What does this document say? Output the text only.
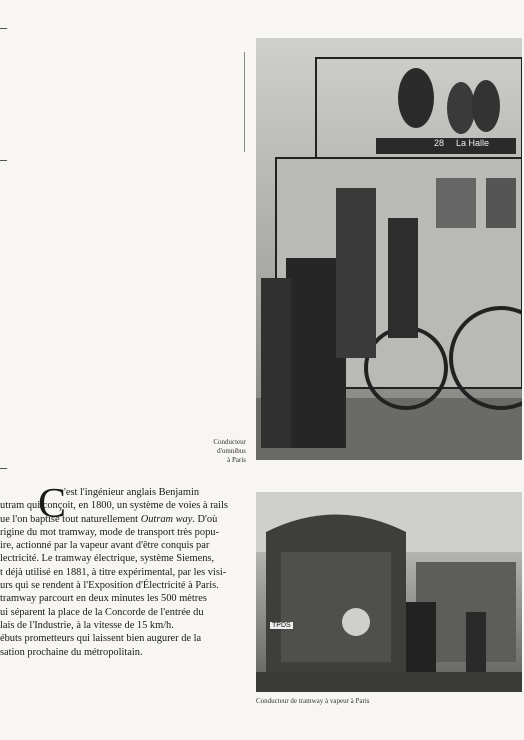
28 La Halle
Conducteur
d'omnibus
à Paris
TPDS
Conducteur de tramway à vapeur à Paris
C

'est l'ingénieur anglais Benjamin

utram qui conçoit, en 1800, un système de voies à rails

ue l'on baptise tout naturellement Outram way. D'où

rigine du mot tramway, mode de transport très popu-

ire, actionné par la vapeur avant d'être conquis par

lectricité. Le tramway électrique, système Siemens,

t déjà utilisé en 1881, à titre expérimental, par les visi-

urs qui se rendent à l'Exposition d'Électricité à Paris.

tramway parcourt en deux minutes les 500 mètres

ui séparent la place de la Concorde de l'entrée du

lais de l'Industrie, à la vitesse de 15 km/h.

ébuts prometteurs qui laissent bien augurer de la

sation prochaine du métropolitain.
